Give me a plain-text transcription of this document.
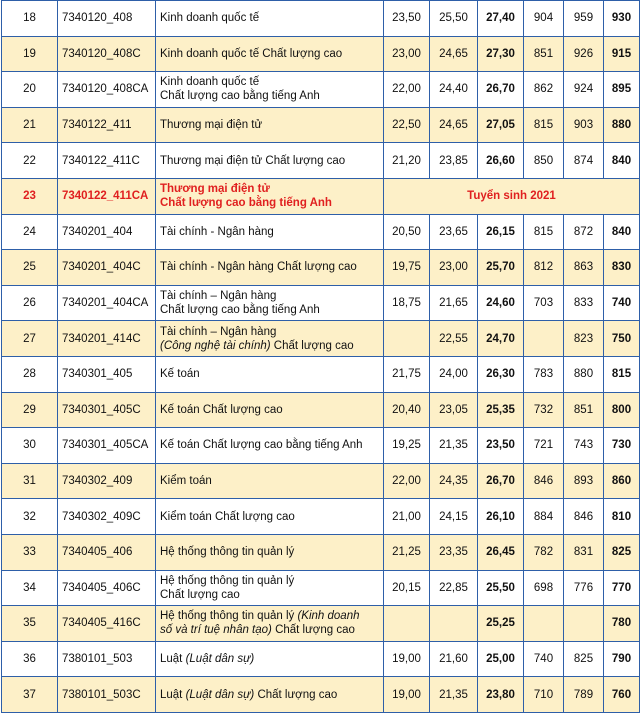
18	7340120_408	Kinh doanh quốc tế	23,50	25,50	27,40	904	959	930
19	7340120_408C	Kinh doanh quốc tế Chất lượng cao	23,00	24,65	27,30	851	926	915
20	7340120_408CA	Kinh doanh quốc tế
Chất lượng cao bằng tiếng Anh	22,00	24,40	26,70	862	924	895
21	7340122_411	Thương mại điện tử	22,50	24,65	27,05	815	903	880
22	7340122_411C	Thương mại điện tử Chất lượng cao	21,20	23,85	26,60	850	874	840
23	7340122_411CA	Thương mại điện tử
Chất lượng cao bằng tiếng Anh	Tuyển sinh 2021					
24	7340201_404	Tài chính - Ngân hàng	20,50	23,65	26,15	815	872	840
25	7340201_404C	Tài chính - Ngân hàng Chất lượng cao	19,75	23,00	25,70	812	863	830
26	7340201_404CA	Tài chính – Ngân hàng
Chất lượng cao bằng tiếng Anh	18,75	21,65	24,60	703	833	740
27	7340201_414C	Tài chính – Ngân hàng
(Công nghệ tài chính) Chất lượng cao		22,55	24,70		823	750
28	7340301_405	Kế toán	21,75	24,00	26,30	783	880	815
29	7340301_405C	Kế toán Chất lượng cao	20,40	23,05	25,35	732	851	800
30	7340301_405CA	Kế toán Chất lượng cao bằng tiếng Anh	19,25	21,35	23,50	721	743	730
31	7340302_409	Kiểm toán	22,00	24,35	26,70	846	893	860
32	7340302_409C	Kiểm toán Chất lượng cao	21,00	24,15	26,10	884	846	810
33	7340405_406	Hệ thống thông tin quản lý	21,25	23,35	26,45	782	831	825
34	7340405_406C	Hệ thống thông tin quản lý
Chất lượng cao	20,15	22,85	25,50	698	776	770
35	7340405_416C	Hệ thống thông tin quản lý (Kinh doanh
số và trí tuệ nhân tạo) Chất lượng cao			25,25			780
36	7380101_503	Luật (Luật dân sự)	19,00	21,60	25,00	740	825	790
37	7380101_503C	Luật (Luật dân sự) Chất lượng cao	19,00	21,35	23,80	710	789	760
